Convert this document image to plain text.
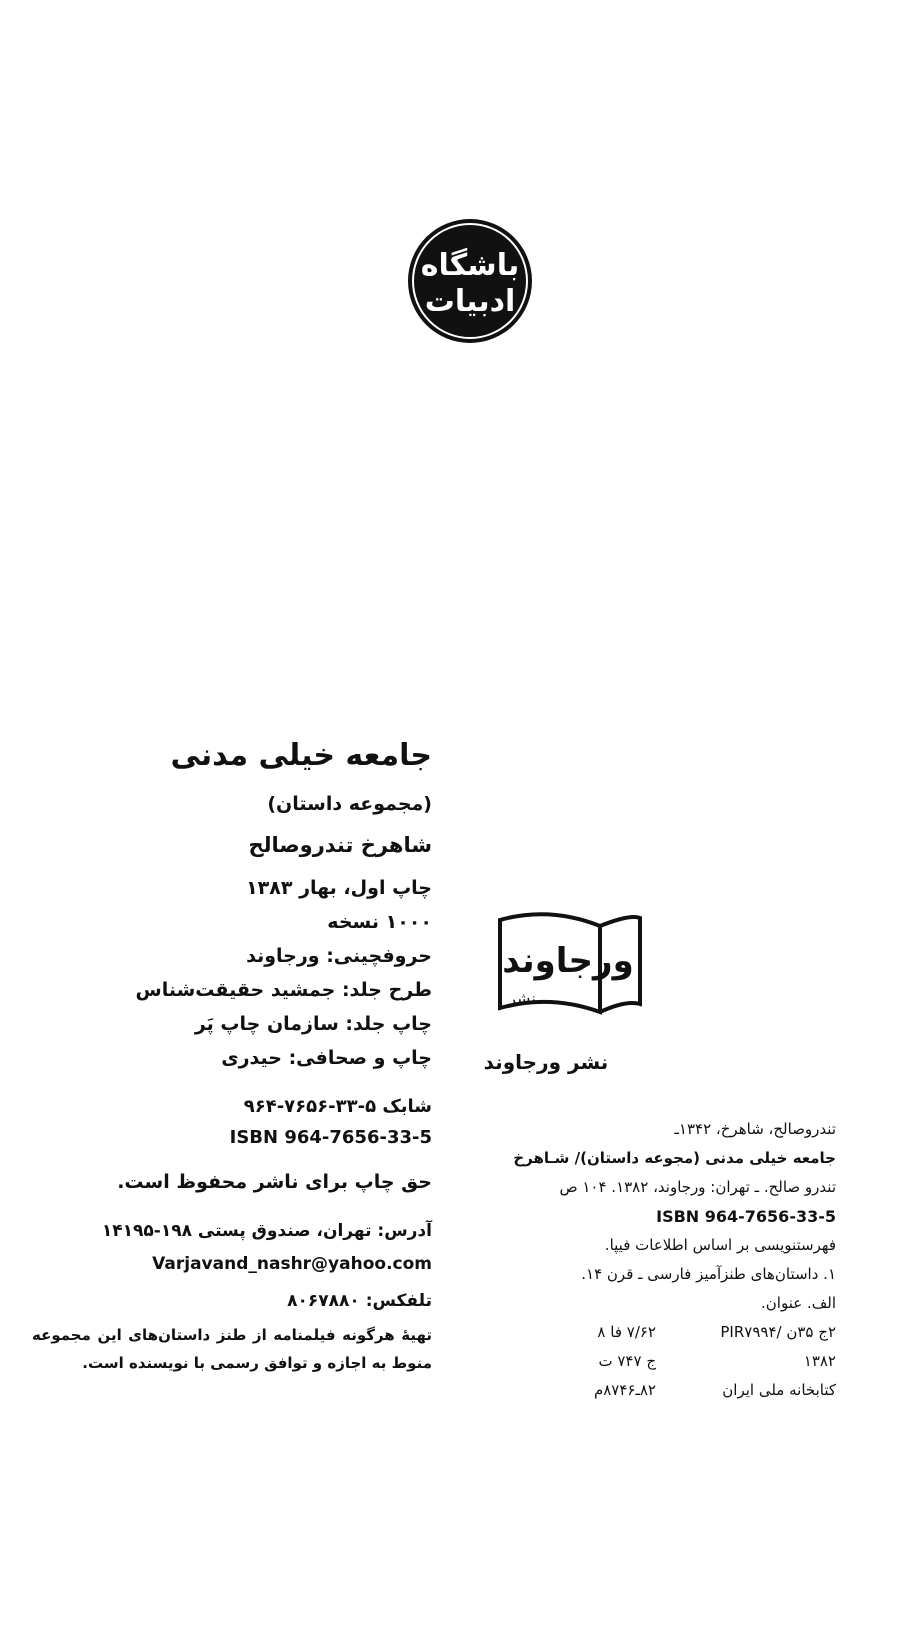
باشگاه
ادبیات
جامعه خیلی مدنی
(مجموعه داستان)
شاهرخ تندروصالح
چاپ اول، بهار ۱۳۸۳
۱۰۰۰ نسخه
حروفچینی: ورجاوند
طرح جلد: جمشید حقیقت‌شناس
چاپ جلد: سازمان چاپ پَر
چاپ و صحافی: حیدری
شابک ۵-۳۳-۷۶۵۶-۹۶۴
ISBN 964-7656-33-5
حق چاپ برای ناشر محفوظ است.
آدرس: تهران، صندوق پستی ۱۹۸-۱۴۱۹۵
Varjavand_nashr@yahoo.com
تلفکس: ۸۰۶۷۸۸۰
تهیهٔ هرگونه فیلمنامه از طنز داستان‌های این مجموعه منوط به اجازه و توافق رسمی با نویسنده است.
نشر
ورجاوند
نشر ورجاوند
تندروصالح، شاهرخ، ۱۳۴۲ـ
جامعه خیلی مدنی (مجوعه داستان)/ شـاهرخ
تندرو صالح. ـ تهران: ورجاوند، ۱۳۸۲. ۱۰۴ ص
ISBN 964-7656-33-5
فهرستنویسی بر اساس اطلاعات فیپا.
۱. داستان‌های طنزآمیز فارسی ـ قرن ۱۴.
الف. عنوان.
۲ج ۳۵ن /PIR۷۹۹۴
۷/۶۲ فا ۸
۱۳۸۲
ج ۷۴۷ ت
کتابخانه ملی ایران
۸۲ـ۸۷۴۶م
